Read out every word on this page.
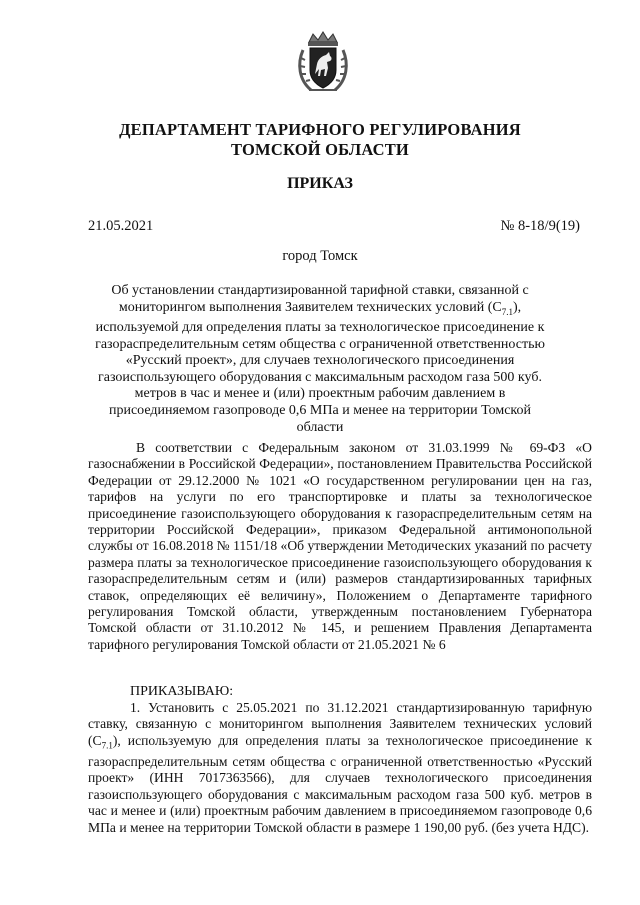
ДЕПАРТАМЕНТ ТАРИФНОГО РЕГУЛИРОВАНИЯ
ТОМСКОЙ ОБЛАСТИ
ПРИКАЗ
21.05.2021	№ 8-18/9(19)
город Томск

Об установлении стандартизированной тарифной ставки, связанной с мониторингом выполнения Заявителем технических условий $(С_{7.1})$, используемой для определения платы за технологическое присоединение к газораспределительным сетям общества с ограниченной ответственностью «Русский проект», для случаев технологического присоединения газоиспользующего оборудования с максимальным расходом газа 500 куб. метров в час и менее и (или) проектным рабочим давлением в присоединяемом газопроводе 0,6 МПа и менее на территории Томской области

В соответствии с Федеральным законом от 31.03.1999 № 69-ФЗ «О газоснабжении в Российской Федерации», постановлением Правительства Российской Федерации от 29.12.2000 № 1021 «О государственном регулировании цен на газ, тарифов на услуги по его транспортировке и платы за технологическое присоединение газоиспользующего оборудования к газораспределительным сетям на территории Российской Федерации», приказом Федеральной антимонопольной службы от 16.08.2018 № 1151/18 «Об утверждении Методических указаний по расчету размера платы за технологическое присоединение газоиспользующего оборудования к газораспределительным сетям и (или) размеров стандартизированных тарифных ставок, определяющих её величину», Положением о Департаменте тарифного регулирования Томской области, утвержденным постановлением Губернатора Томской области от 31.10.2012 № 145, и решением Правления Департамента тарифного регулирования Томской области от 21.05.2021 № 6

ПРИКАЗЫВАЮ:

1. Установить с 25.05.2021 по 31.12.2021 стандартизированную тарифную ставку, связанную с мониторингом выполнения Заявителем технических условий $(С_{7.1})$, используемую для определения платы за технологическое присоединение к газораспределительным сетям общества с ограниченной ответственностью «Русский проект» (ИНН 7017363566), для случаев технологического присоединения газоиспользующего оборудования с максимальным расходом газа 500 куб. метров в час и менее и (или) проектным рабочим давлением в присоединяемом газопроводе 0,6 МПа и менее на территории Томской области в размере 1 190,00 руб. (без учета НДС).
